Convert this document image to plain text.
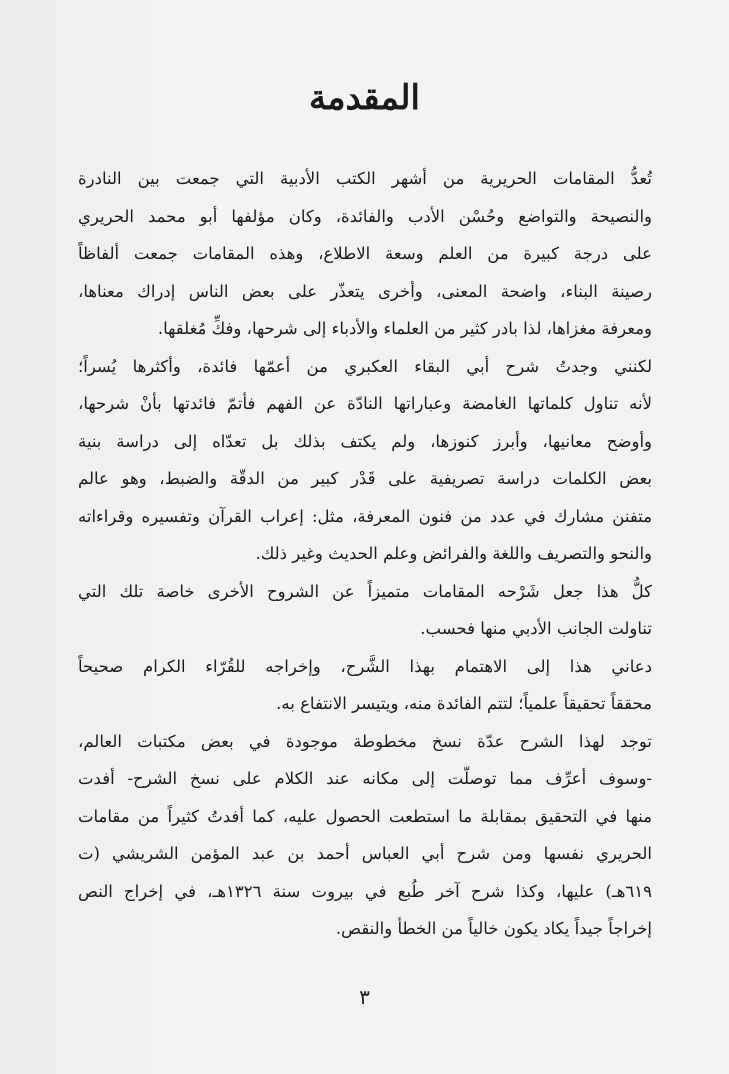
المقدمة
تُعدُّ المقامات الحريرية من أشهر الكتب الأدبية التي جمعت بين النادرة
والنصيحة والتواضع وحُسْن الأدب والفائدة، وكان مؤلفها أبو محمد الحريري
على درجة كبيرة من العلم وسعة الاطلاع، وهذه المقامات جمعت ألفاظاً
رصينة البناء، واضحة المعنى، وأخرى يتعذّر على بعض الناس إدراك معناها،
ومعرفة مغزاها، لذا بادر كثير من العلماء والأدباء إلى شرحها، وفكِّ مُغلقها.
لكنني وجدتُ شرح أبي البقاء العكبري من أعمّها فائدة، وأكثرها يُسراً؛
لأنه تناول كلماتها الغامضة وعباراتها النادّة عن الفهم فأتمّ فائدتها بأنْ شرحها،
وأوضح معانيها، وأبرز كنوزها، ولم يكتف بذلك بل تعدّاه إلى دراسة بنية
بعض الكلمات دراسة تصريفية على قَدْر كبير من الدقّة والضبط، وهو عالم
متفنن مشارك في عدد من فنون المعرفة، مثل: إعراب القرآن وتفسيره وقراءاته
والنحو والتصريف واللغة والفرائض وعلم الحديث وغير ذلك.
كلُّ هذا جعل شَرْحه المقامات متميزاً عن الشروح الأخرى خاصة تلك التي
تناولت الجانب الأدبي منها فحسب.
دعاني هذا إلى الاهتمام بهذا الشَّرح، وإخراجه للقُرّاء الكرام صحيحاً
محققاً تحقيقاً علمياً؛ لتتم الفائدة منه، ويتيسر الانتفاع به.
توجد لهذا الشرح عدّة نسخ مخطوطة موجودة في بعض مكتبات العالم،
-وسوف أعرِّف مما توصلّت إلى مكانه عند الكلام على نسخ الشرح- أفدت
منها في التحقيق بمقابلة ما استطعت الحصول عليه، كما أفدتُ كثيراً من مقامات
الحريري نفسها ومن شرح أبي العباس أحمد بن عبد المؤمن الشريشي (ت
٦١٩هـ) عليها، وكذا شرح آخر طُبع في بيروت سنة ١٣٢٦هـ، في إخراج النص
إخراجاً جيداً يكاد يكون خالياً من الخطأ والنقص.
٣
